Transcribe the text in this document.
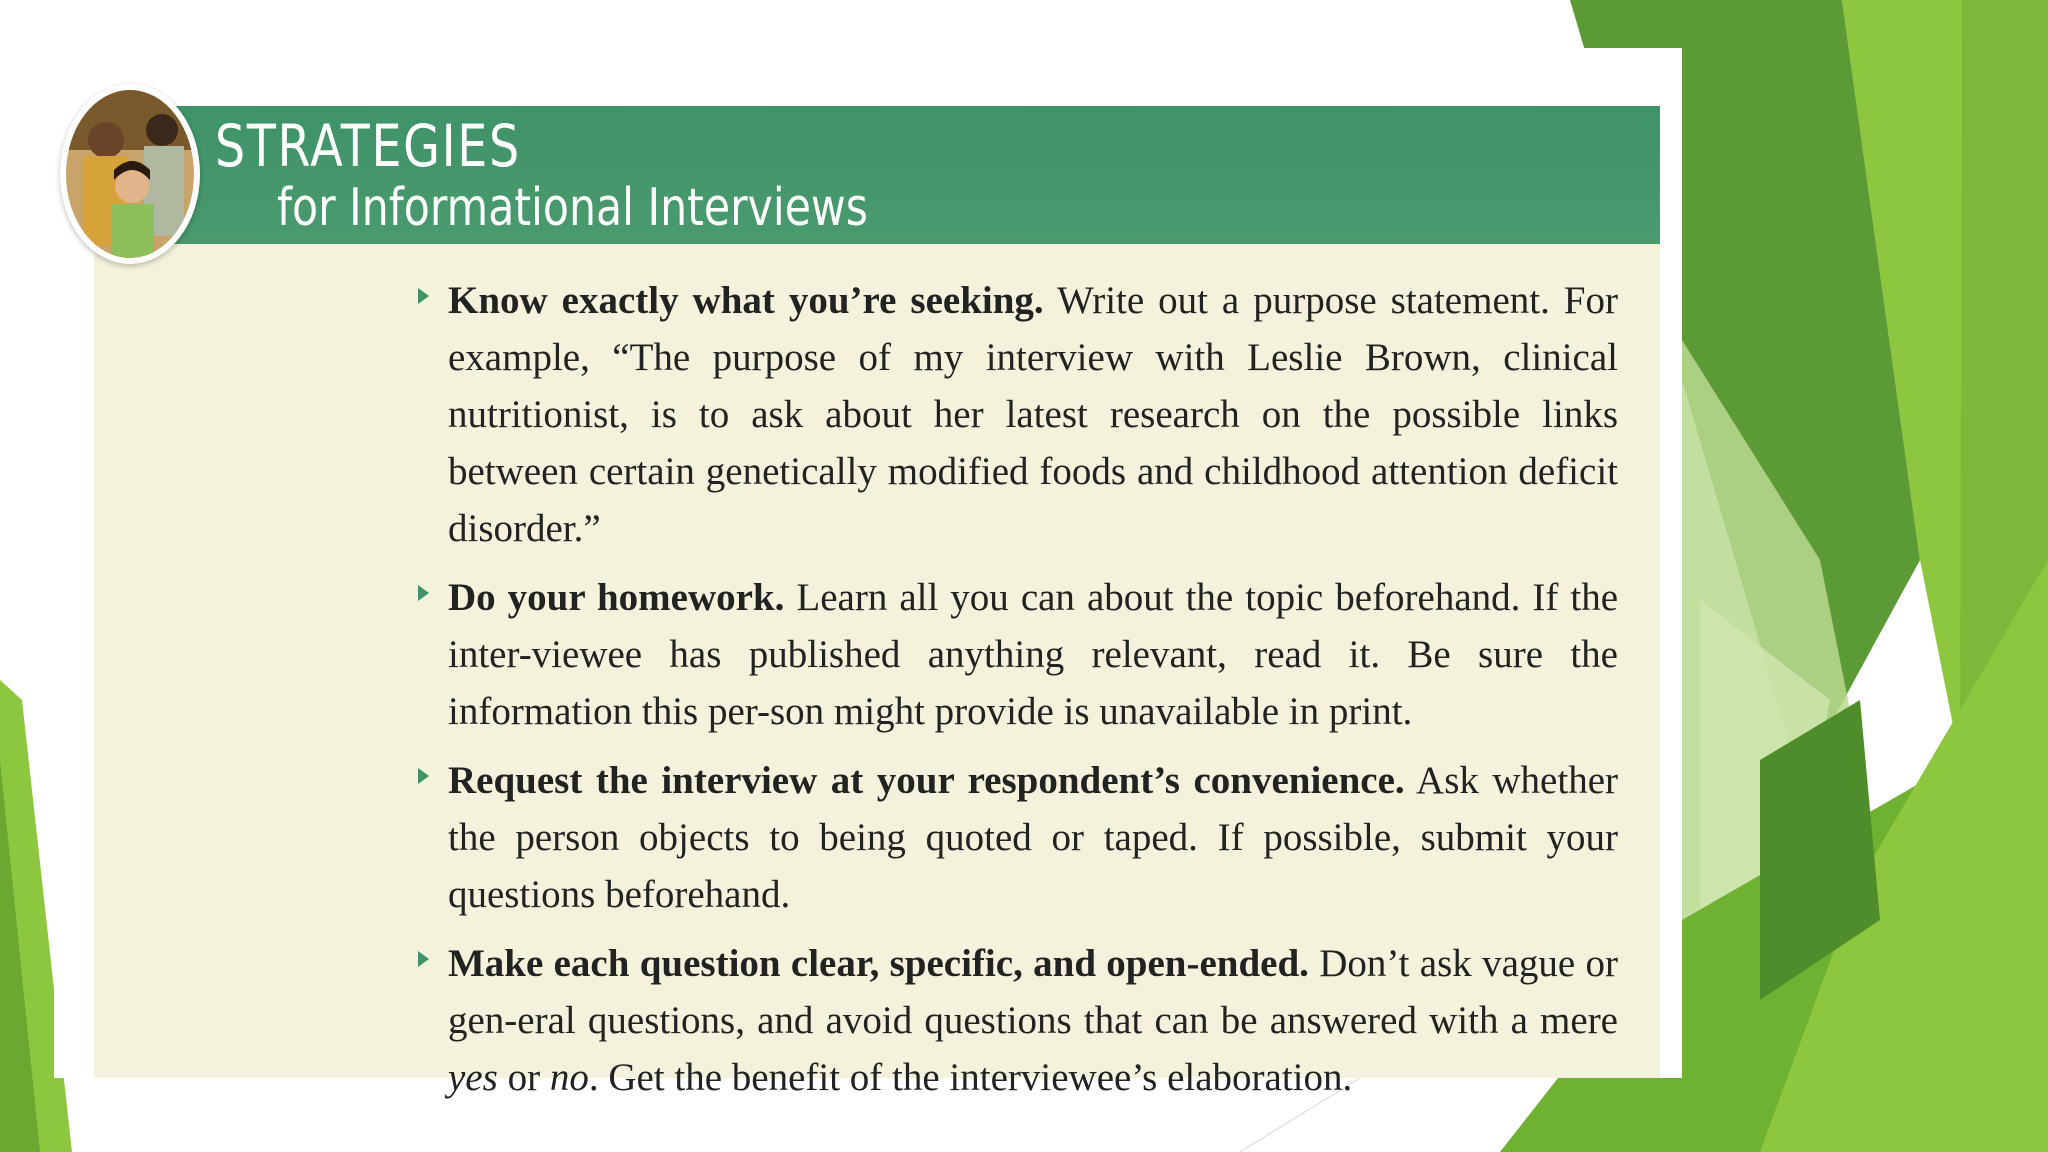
STRATEGIES
for Informational Interviews
Know exactly what you’re seeking. Write out a purpose statement. For example, “The purpose of my interview with Leslie Brown, clinical nutritionist, is to ask about her latest research on the possible links between certain genetically modified foods and childhood attention deficit disorder.”
Do your homework. Learn all you can about the topic beforehand. If the inter-viewee has published anything relevant, read it. Be sure the information this per-son might provide is unavailable in print.
Request the interview at your respondent’s convenience. Ask whether the person objects to being quoted or taped. If possible, submit your questions beforehand.
Make each question clear, specific, and open-ended. Don’t ask vague or gen-eral questions, and avoid questions that can be answered with a mere yes or no. Get the benefit of the interviewee’s elaboration.
